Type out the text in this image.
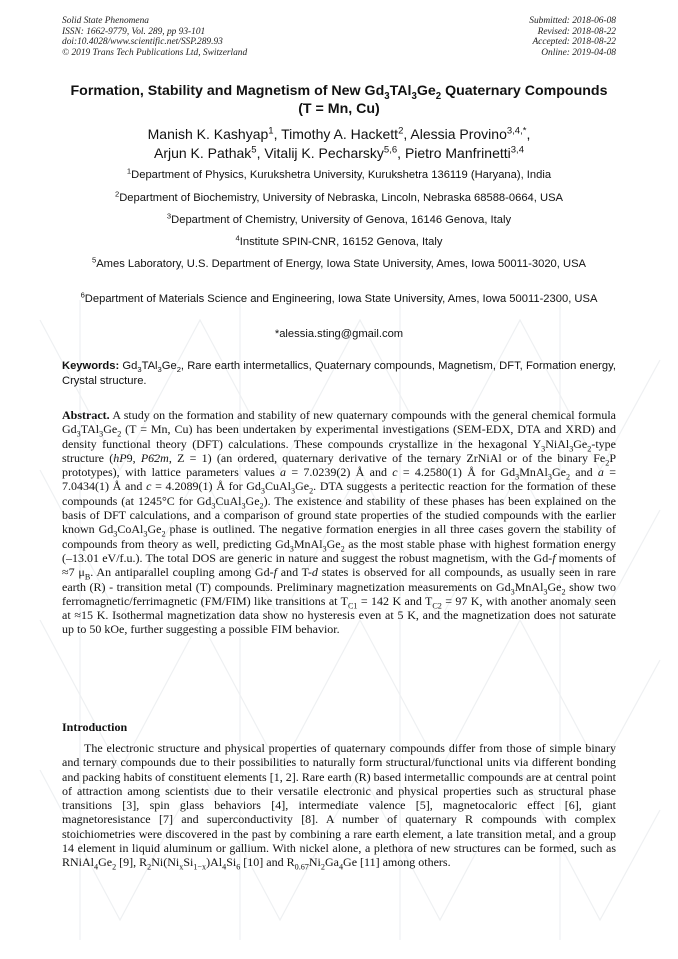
Solid State Phenomena
ISSN: 1662-9779, Vol. 289, pp 93-101
doi:10.4028/www.scientific.net/SSP.289.93
© 2019 Trans Tech Publications Ltd, Switzerland
Submitted: 2018-06-08
Revised: 2018-08-22
Accepted: 2018-08-22
Online: 2019-04-08
Formation, Stability and Magnetism of New $Gd_3TAl_3Ge_2$ Quaternary Compounds (T = Mn, Cu)
Manish K. Kashyap$^1$, Timothy A. Hackett$^2$, Alessia Provino$^{3,4,*}$,
Arjun K. Pathak$^5$, Vitalij K. Pecharsky$^{5,6}$, Pietro Manfrinetti$^{3,4}$
$^1$Department of Physics, Kurukshetra University, Kurukshetra 136119 (Haryana), India
$^2$Department of Biochemistry, University of Nebraska, Lincoln, Nebraska 68588-0664, USA
$^3$Department of Chemistry, University of Genova, 16146 Genova, Italy
$^4$Institute SPIN-CNR, 16152 Genova, Italy
$^5$Ames Laboratory, U.S. Department of Energy, Iowa State University, Ames, Iowa 50011-3020, USA
$^6$Department of Materials Science and Engineering, Iowa State University, Ames, Iowa 50011-2300, USA
*alessia.sting@gmail.com
Keywords: $Gd_3TAl_3Ge_2$, Rare earth intermetallics, Quaternary compounds, Magnetism, DFT, Formation energy, Crystal structure.
Abstract. A study on the formation and stability of new quaternary compounds with the general chemical formula $Gd_3TAl_3Ge_2$ (T = Mn, Cu) has been undertaken by experimental investigations (SEM-EDX, DTA and XRD) and density functional theory (DFT) calculations. These compounds crystallize in the hexagonal $Y_3NiAl_3Ge_2$-type structure (hP9, P6̄2m, Z = 1) (an ordered, quaternary derivative of the ternary ZrNiAl or of the binary $Fe_2P$ prototypes), with lattice parameters values a = 7.0239(2) Å and c = 4.2580(1) Å for $Gd_3MnAl_3Ge_2$ and a = 7.0434(1) Å and c = 4.2089(1) Å for $Gd_3CuAl_3Ge_2$. DTA suggests a peritectic reaction for the formation of these compounds (at 1245°C for $Gd_3CuAl_3Ge_2$). The existence and stability of these phases has been explained on the basis of DFT calculations, and a comparison of ground state properties of the studied compounds with the earlier known $Gd_3CoAl_3Ge_2$ phase is outlined. The negative formation energies in all three cases govern the stability of compounds from theory as well, predicting $Gd_3MnAl_3Ge_2$ as the most stable phase with highest formation energy (–13.01 eV/f.u.). The total DOS are generic in nature and suggest the robust magnetism, with the Gd-f moments of ≈7 $\mu_B$. An antiparallel coupling among Gd-f and T-d states is observed for all compounds, as usually seen in rare earth (R) - transition metal (T) compounds. Preliminary magnetization measurements on $Gd_3MnAl_3Ge_2$ show two ferromagnetic/ferrimagnetic (FM/FIM) like transitions at $T_{C1} = 142$ K and $T_{C2} = 97$ K, with another anomaly seen at ≈15 K. Isothermal magnetization data show no hysteresis even at 5 K, and the magnetization does not saturate up to 50 kOe, further suggesting a possible FIM behavior.
Introduction
The electronic structure and physical properties of quaternary compounds differ from those of simple binary and ternary compounds due to their possibilities to naturally form structural/functional units via different bonding and packing habits of constituent elements [1, 2]. Rare earth (R) based intermetallic compounds are at central point of attraction among scientists due to their versatile electronic and physical properties such as structural phase transitions [3], spin glass behaviors [4], intermediate valence [5], magnetocaloric effect [6], giant magnetoresistance [7] and superconductivity [8]. A number of quaternary R compounds with complex stoichiometries were discovered in the past by combining a rare earth element, a late transition metal, and a group 14 element in liquid aluminum or gallium. With nickel alone, a plethora of new structures can be formed, such as $RNiAl_4Ge_2$ [9], $R_2Ni(Ni_xSi_{1-x})Al_4Si_6$ [10] and $R_{0.67}Ni_2Ga_4Ge$ [11] among others.
